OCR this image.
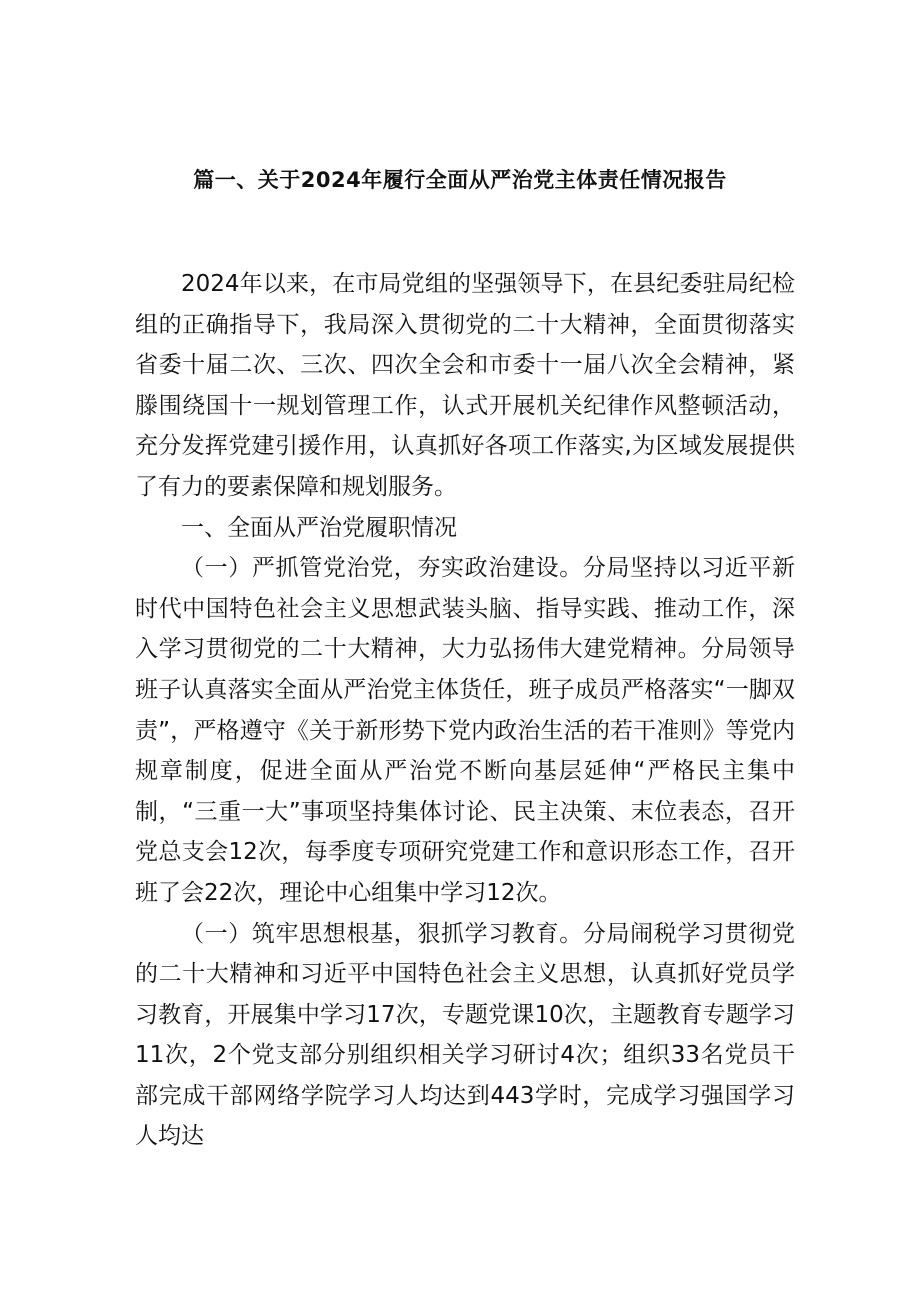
篇一、关于2024年履行全面从严治党主体责任情况报告

2024年以来，在市局党组的坚强领导下，在县纪委驻局纪检组的正确指导下，我局深入贯彻党的二十大精神，全面贯彻落实省委十届二次、三次、四次全会和市委十一届八次全会精神，紧滕围绕国十一规划管理工作，认式开展机关纪律作风整顿活动，充分发挥党建引援作用，认真抓好各项工作落实,为区域发展提供了有力的要素保障和规划服务。

一、全面从严治党履职情况

（一）严抓管党治党，夯实政治建设。分局坚持以习近平新时代中国特色社会主义思想武装头脑、指导实践、推动工作，深入学习贯彻党的二十大精神，大力弘扬伟大建党精神。分局领导班子认真落实全面从严治党主体货任，班子成员严格落实“一脚双责”，严格遵守《关于新形势下党内政治生活的若干准则》等党内规章制度，促进全面从严治党不断向基层延伸“严格民主集中制，“三重一大”事项坚持集体讨论、民主决策、末位表态，召开党总支会12次，每季度专项研究党建工作和意识形态工作，召开班了会22次，理论中心组集中学习12次。

（一）筑牢思想根基，狠抓学习教育。分局闹税学习贯彻党的二十大精神和习近平中国特色社会主义思想，认真抓好党员学习教育，开展集中学习17次，专题党课10次，主题教育专题学习11次，2个党支部分别组织相关学习研讨4次；组织33名党员干部完成干部网络学院学习人均达到443学时，完成学习强国学习人均达
